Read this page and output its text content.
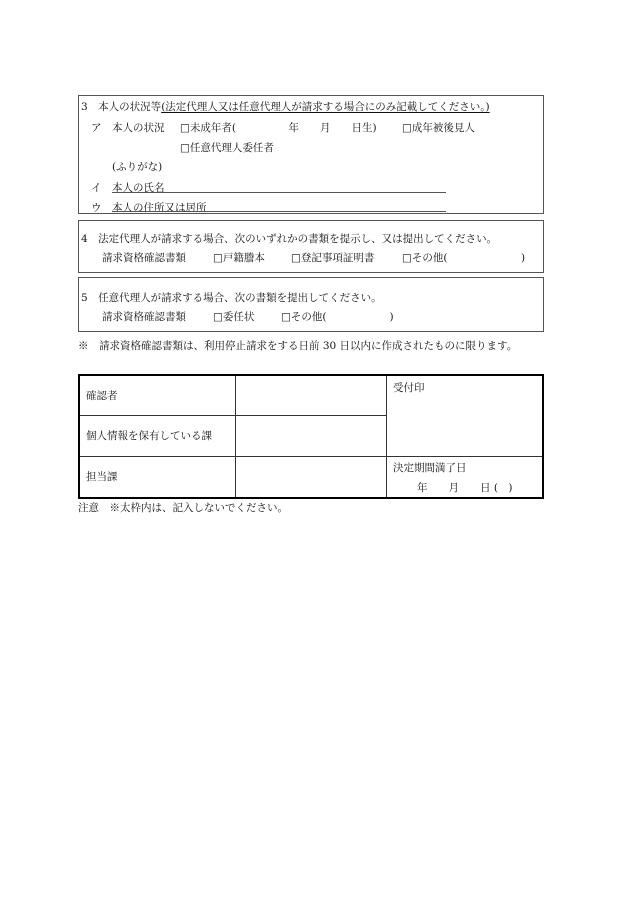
3　本人の状況等(法定代理人又は任意代理人が請求する場合にのみ記載してください。)
ア　本人の状況 □未成年者(　　　　　年　　月　　日生) □成年被後見人
□任意代理人委任者
(ふりがな)
イ 本人の氏名
ウ 本人の住所又は居所
4　法定代理人が請求する場合、次のいずれかの書類を提示し、又は提出してください。
請求資格確認書類	□戸籍謄本 □登記事項証明書	□その他(　　　　　　　)
5　任意代理人が請求する場合、次の書類を提出してください。
請求資格確認書類	□委任状	□その他(　　　　　　)
※　請求資格確認書類は、利用停止請求をする日前 30 日以内に作成されたものに限ります。
確認者		受付印
個人情報を保有している課		
担当課		決定期間満了日
年　　月　　日 (　)
注意　※太枠内は、記入しないでください。
